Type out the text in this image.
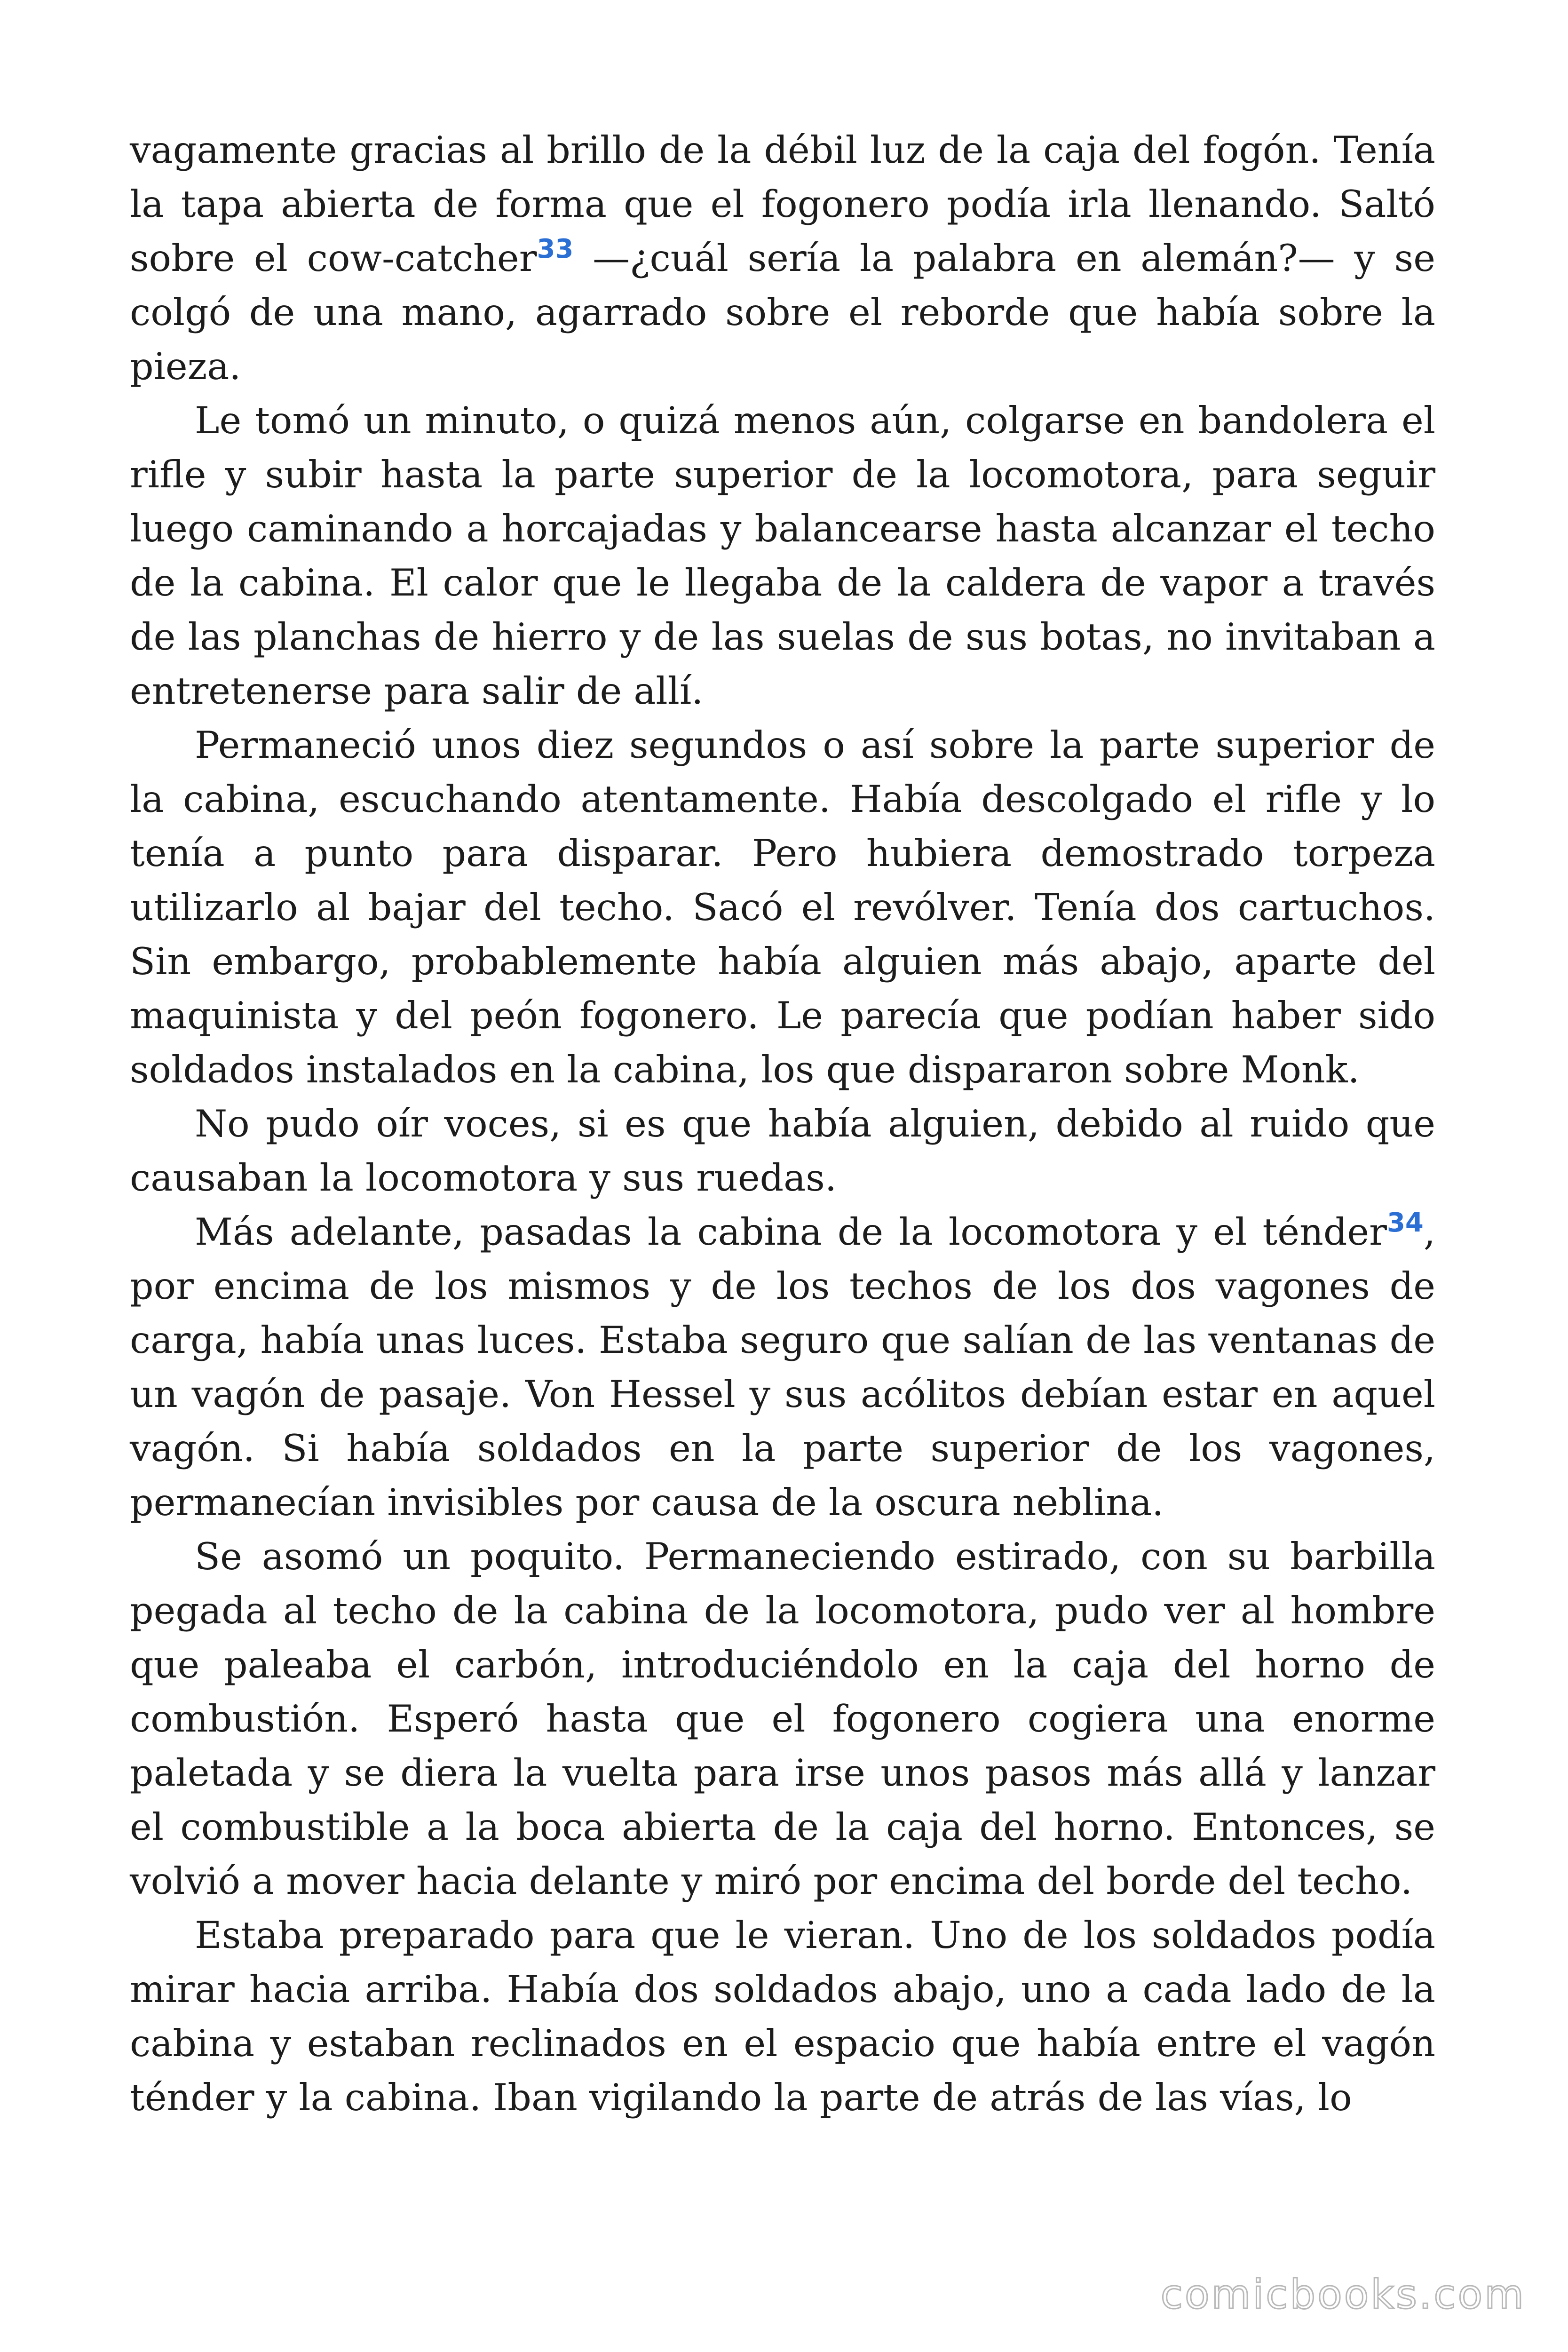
vagamente gracias al brillo de la débil luz de la caja del fogón. Tenía la tapa abierta de forma que el fogonero podía irla llenando. Saltó sobre el cow-catcher$^{33}$ —¿cuál sería la palabra en alemán?— y se colgó de una mano, agarrado sobre el reborde que había sobre la pieza.

Le tomó un minuto, o quizá menos aún, colgarse en bandolera el rifle y subir hasta la parte superior de la locomotora, para seguir luego caminando a horcajadas y balancearse hasta alcanzar el techo de la cabina. El calor que le llegaba de la caldera de vapor a través de las planchas de hierro y de las suelas de sus botas, no invitaban a entretenerse para salir de allí.

Permaneció unos diez segundos o así sobre la parte superior de la cabina, escuchando atentamente. Había descolgado el rifle y lo tenía a punto para disparar. Pero hubiera demostrado torpeza utilizarlo al bajar del techo. Sacó el revólver. Tenía dos cartuchos. Sin embargo, probablemente había alguien más abajo, aparte del maquinista y del peón fogonero. Le parecía que podían haber sido soldados instalados en la cabina, los que dispararon sobre Monk.

No pudo oír voces, si es que había alguien, debido al ruido que causaban la locomotora y sus ruedas.

Más adelante, pasadas la cabina de la locomotora y el ténder$^{34}$, por encima de los mismos y de los techos de los dos vagones de carga, había unas luces. Estaba seguro que salían de las ventanas de un vagón de pasaje. Von Hessel y sus acólitos debían estar en aquel vagón. Si había soldados en la parte superior de los vagones, permanecían invisibles por causa de la oscura neblina.

Se asomó un poquito. Permaneciendo estirado, con su barbilla pegada al techo de la cabina de la locomotora, pudo ver al hombre que paleaba el carbón, introduciéndolo en la caja del horno de combustión. Esperó hasta que el fogonero cogiera una enorme paletada y se diera la vuelta para irse unos pasos más allá y lanzar el combustible a la boca abierta de la caja del horno. Entonces, se volvió a mover hacia delante y miró por encima del borde del techo.

Estaba preparado para que le vieran. Uno de los soldados podía mirar hacia arriba. Había dos soldados abajo, uno a cada lado de la cabina y estaban reclinados en el espacio que había entre el vagón ténder y la cabina. Iban vigilando la parte de atrás de las vías, lo

comicbooks.com
